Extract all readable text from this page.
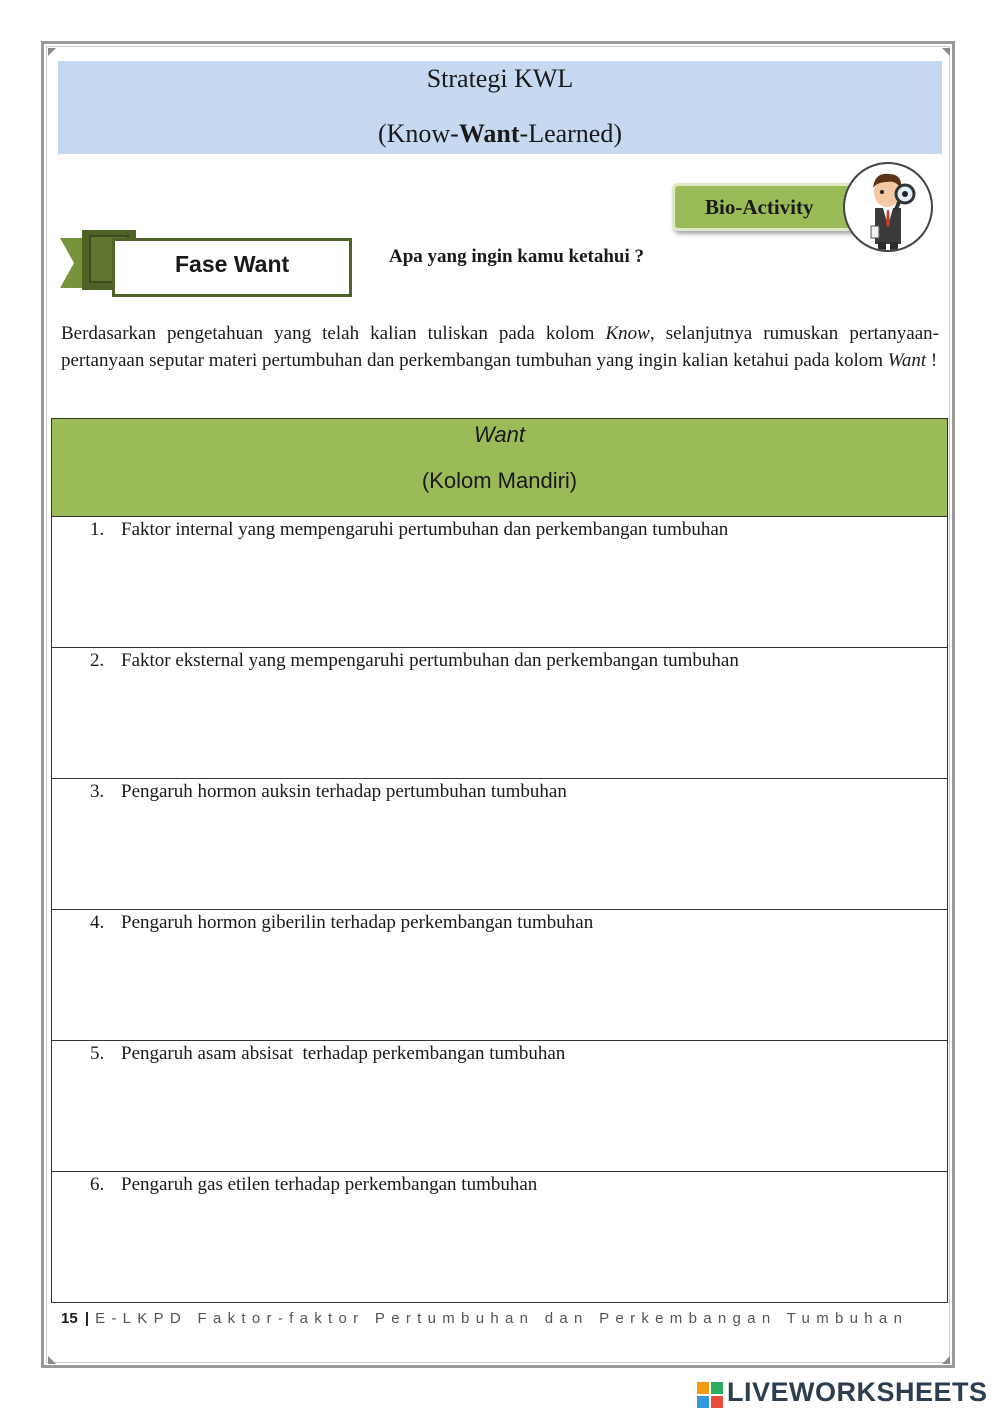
Strategi KWL
(Know-Want-Learned)
Bio-Activity
Fase Want	Apa yang ingin kamu ketahui ?
Berdasarkan pengetahuan yang telah kalian tuliskan pada kolom Know, selanjutnya rumuskan pertanyaan-pertanyaan seputar materi pertumbuhan dan perkembangan tumbuhan yang ingin kalian ketahui pada kolom Want !
Want
(Kolom Mandiri)
1. Faktor internal yang mempengaruhi pertumbuhan dan perkembangan tumbuhan
2. Faktor eksternal yang mempengaruhi pertumbuhan dan perkembangan tumbuhan
3. Pengaruh hormon auksin terhadap pertumbuhan tumbuhan
4. Pengaruh hormon giberilin terhadap perkembangan tumbuhan
5. Pengaruh asam absisat  terhadap perkembangan tumbuhan
6. Pengaruh gas etilen terhadap perkembangan tumbuhan
15 | E-LKPD Faktor-faktor Pertumbuhan dan Perkembangan Tumbuhan
LIVEWORKSHEETS
